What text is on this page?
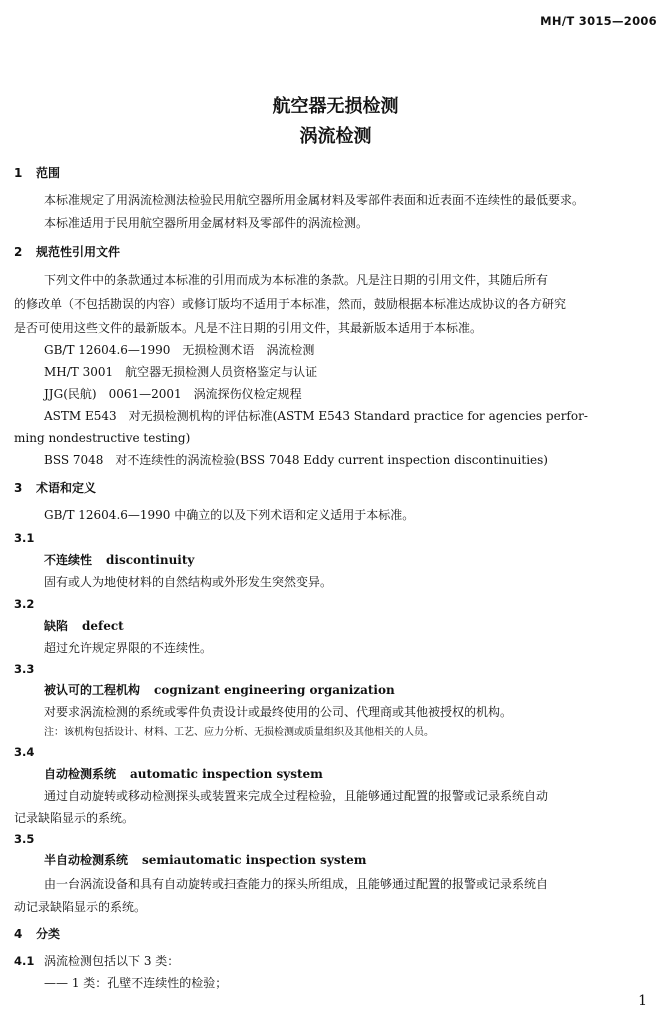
MH/T 3015—2006
航空器无损检测
涡流检测
1 范围
本标准规定了用涡流检测法检验民用航空器所用金属材料及零部件表面和近表面不连续性的最低要求。
本标准适用于民用航空器所用金属材料及零部件的涡流检测。
2 规范性引用文件
下列文件中的条款通过本标准的引用而成为本标准的条款。凡是注日期的引用文件，其随后所有
的修改单（不包括勘误的内容）或修订版均不适用于本标准，然而，鼓励根据本标准达成协议的各方研究
是否可使用这些文件的最新版本。凡是不注日期的引用文件，其最新版本适用于本标准。
GB/T 12604.6—1990　无损检测术语　涡流检测
MH/T 3001　航空器无损检测人员资格鉴定与认证
JJG(民航)　0061—2001　涡流探伤仪检定规程
ASTM E543　对无损检测机构的评估标准(ASTM E543 Standard practice for agencies perfor-
ming nondestructive testing)
BSS 7048　对不连续性的涡流检验(BSS 7048 Eddy current inspection discontinuities)
3 术语和定义
GB/T 12604.6—1990 中确立的以及下列术语和定义适用于本标准。
3.1
不连续性 discontinuity
固有或人为地使材料的自然结构或外形发生突然变异。
3.2
缺陷 defect
超过允许规定界限的不连续性。
3.3
被认可的工程机构 cognizant engineering organization
对要求涡流检测的系统或零件负责设计或最终使用的公司、代理商或其他被授权的机构。
注：该机构包括设计、材料、工艺、应力分析、无损检测或质量组织及其他相关的人员。
3.4
自动检测系统 automatic inspection system
通过自动旋转或移动检测探头或装置来完成全过程检验，且能够通过配置的报警或记录系统自动
记录缺陷显示的系统。
3.5
半自动检测系统 semiautomatic inspection system
由一台涡流设备和具有自动旋转或扫查能力的探头所组成，且能够通过配置的报警或记录系统自
动记录缺陷显示的系统。
4 分类
4.1 涡流检测包括以下 3 类：
—— 1 类：孔壁不连续性的检验；
1
